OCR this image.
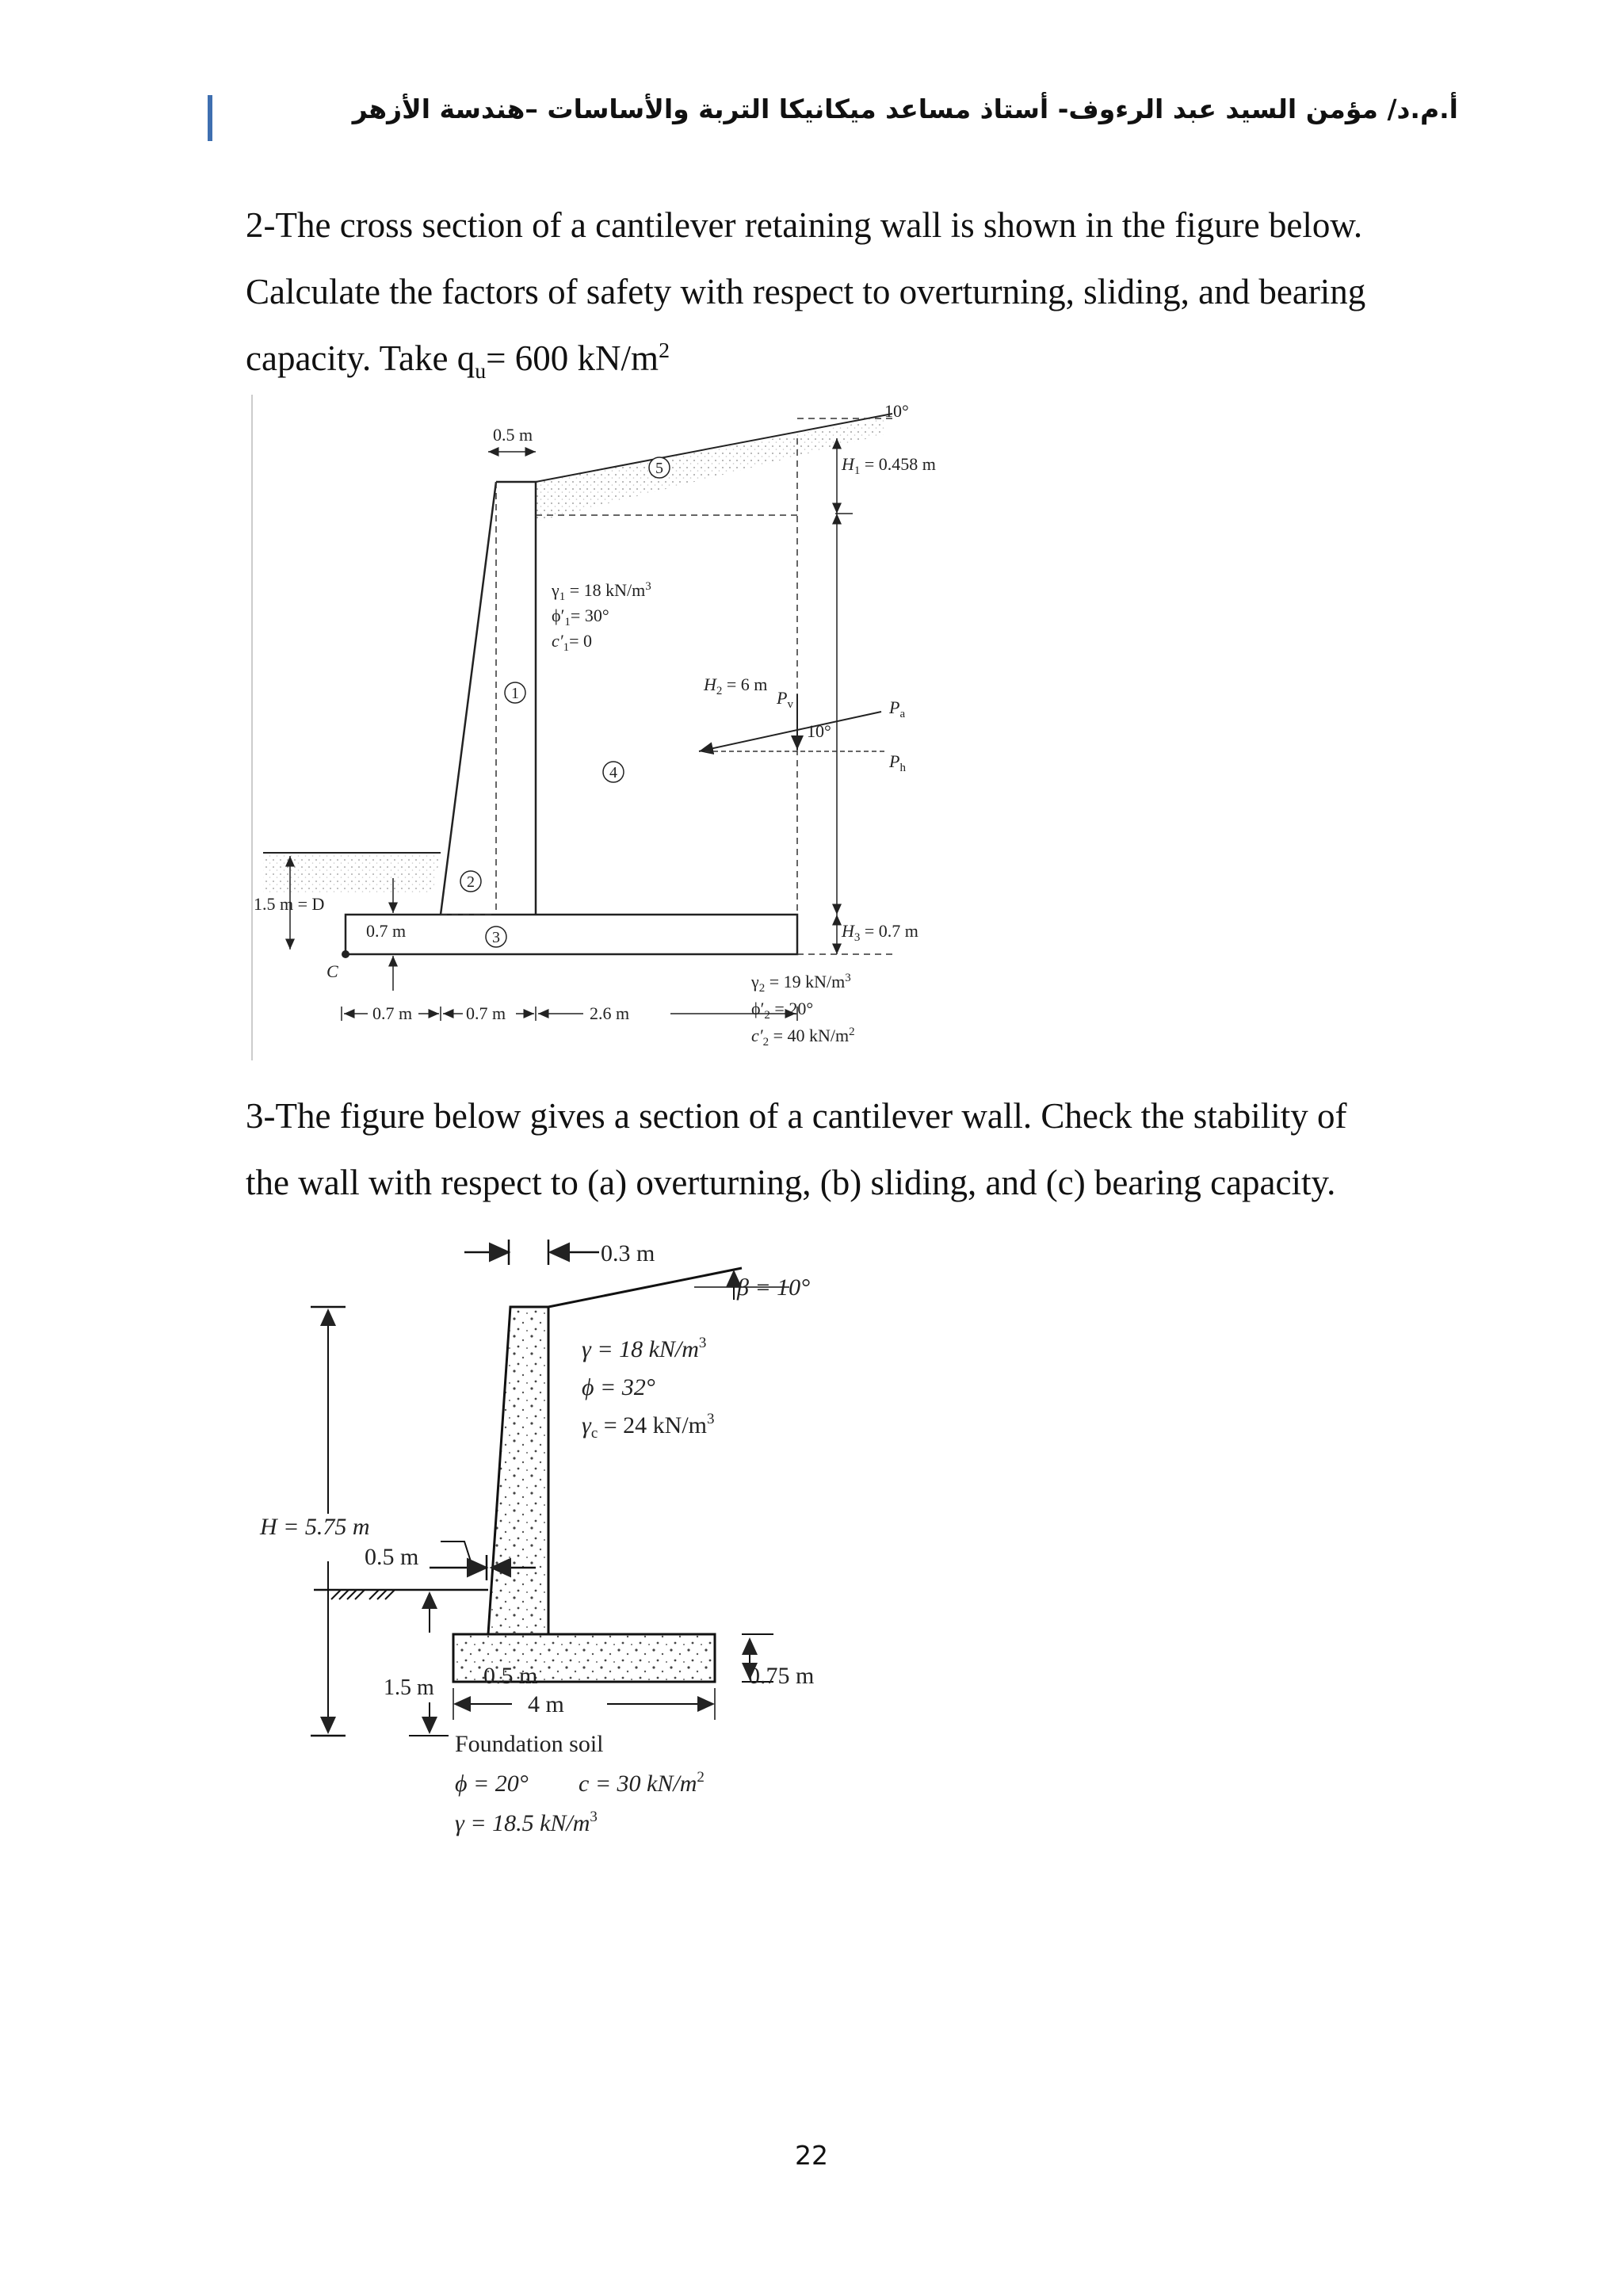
أ.م.د/ مؤمن السيد عبد الرءوف- أستاذ مساعد ميكانيكا التربة والأساسات –هندسة الأزهر
2-The cross section of a cantilever retaining wall is shown in the figure below.
Calculate the factors of safety with respect to overturning, sliding, and bearing
capacity. Take $q_u= 600$ $kN/m^2$
1
2
3
4
5
10°
0.5 m
$H_1 = 0.458$ m
$H_2 = 6$ m
$H_3 = 0.7$ m
$\gamma_1 = 18$ $kN/m^3$
$\phi'_1= 30^\circ$
$c'_1= 0$
$P_v$	$P_a$
$P_h$
10°
1.5 m = D
0.7 m
C
0.7 m	0.7 m	2.6 m
$\gamma_2 = 19$ $kN/m^3$
$\phi'_2 = 20^\circ$
$c'_2 = 40$ $kN/m^2$
3-The figure below gives a section of a cantilever wall. Check the stability of
the wall with respect to (a) overturning, (b) sliding, and (c) bearing capacity.
0.3 m
β = 10°
γ = 18 $kN/m^3$
ϕ = 32°
$\gamma_c = 24$ $kN/m^3$
H = 5.75 m
0.5 m
1.5 m 0.5 m	0.75 m
4 m
Foundation soil
ϕ = 20° c = 30 $kN/m^2$
γ = 18.5 $kN/m^3$
22
